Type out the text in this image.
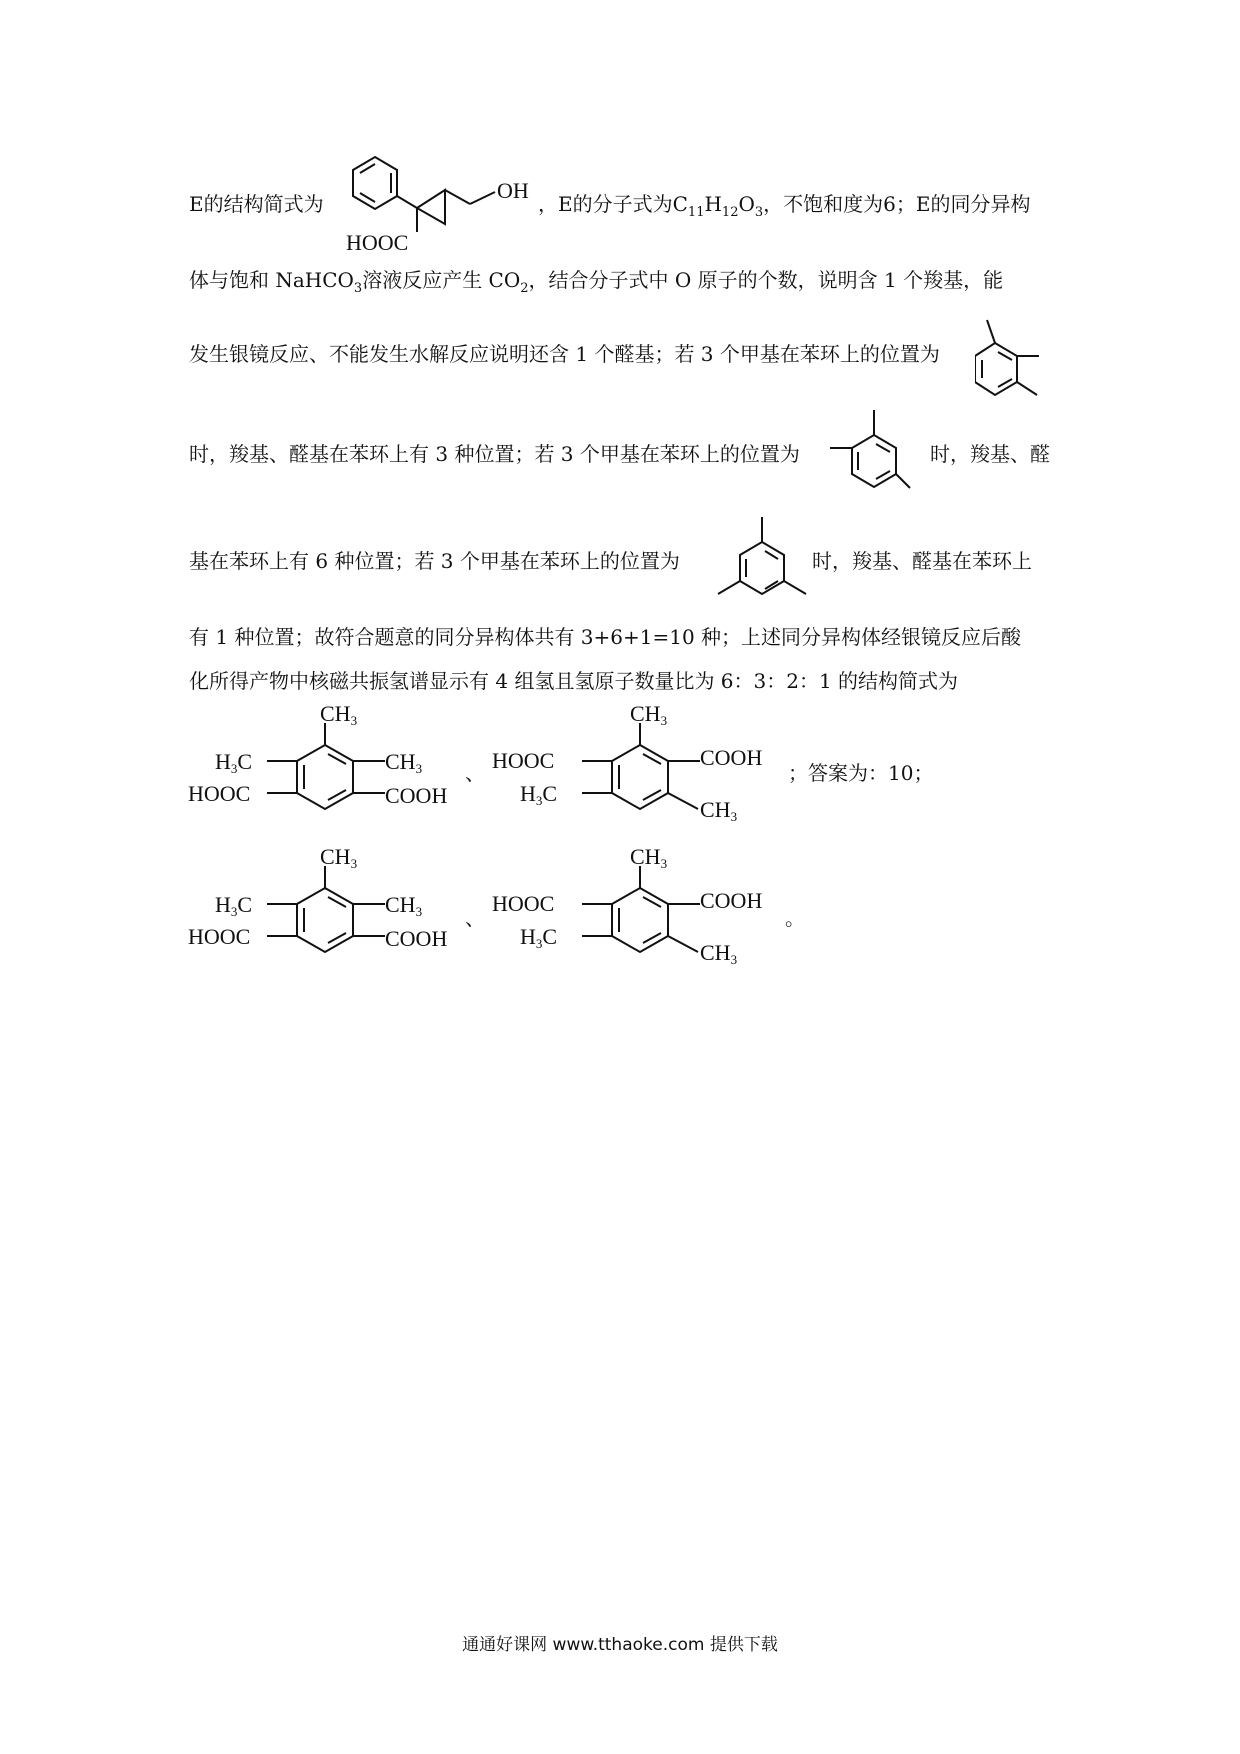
E的结构简式为
OH
HOOC
，E的分子式为$C_{11}H_{12}O_3$，不饱和度为6；E的同分异构
体与饱和 NaHCO$_3$溶液反应产生 $CO_2$，结合分子式中 O 原子的个数，说明含 1 个羧基，能
发生银镜反应、不能发生水解反应说明还含 1 个醛基；若 3 个甲基在苯环上的位置为
时，羧基、醛基在苯环上有 3 种位置；若 3 个甲基在苯环上的位置为	时，羧基、醛
基在苯环上有 6 种位置；若 3 个甲基在苯环上的位置为	时，羧基、醛基在苯环上
有 1 种位置；故符合题意的同分异构体共有 3+6+1=10 种；上述同分异构体经银镜反应后酸
化所得产物中核磁共振氢谱显示有 4 组氢且氢原子数量比为 6：3：2：1 的结构简式为
CH3
H3C	CH3
HOOC	COOH
、
CH3
HOOC	COOH
H3C
CH3
；答案为：10；
CH3
H3C	CH3
HOOC	COOH
、
CH3
HOOC	COOH
H3C
CH3
。
通通好课网 www.tthaoke.com 提供下载
